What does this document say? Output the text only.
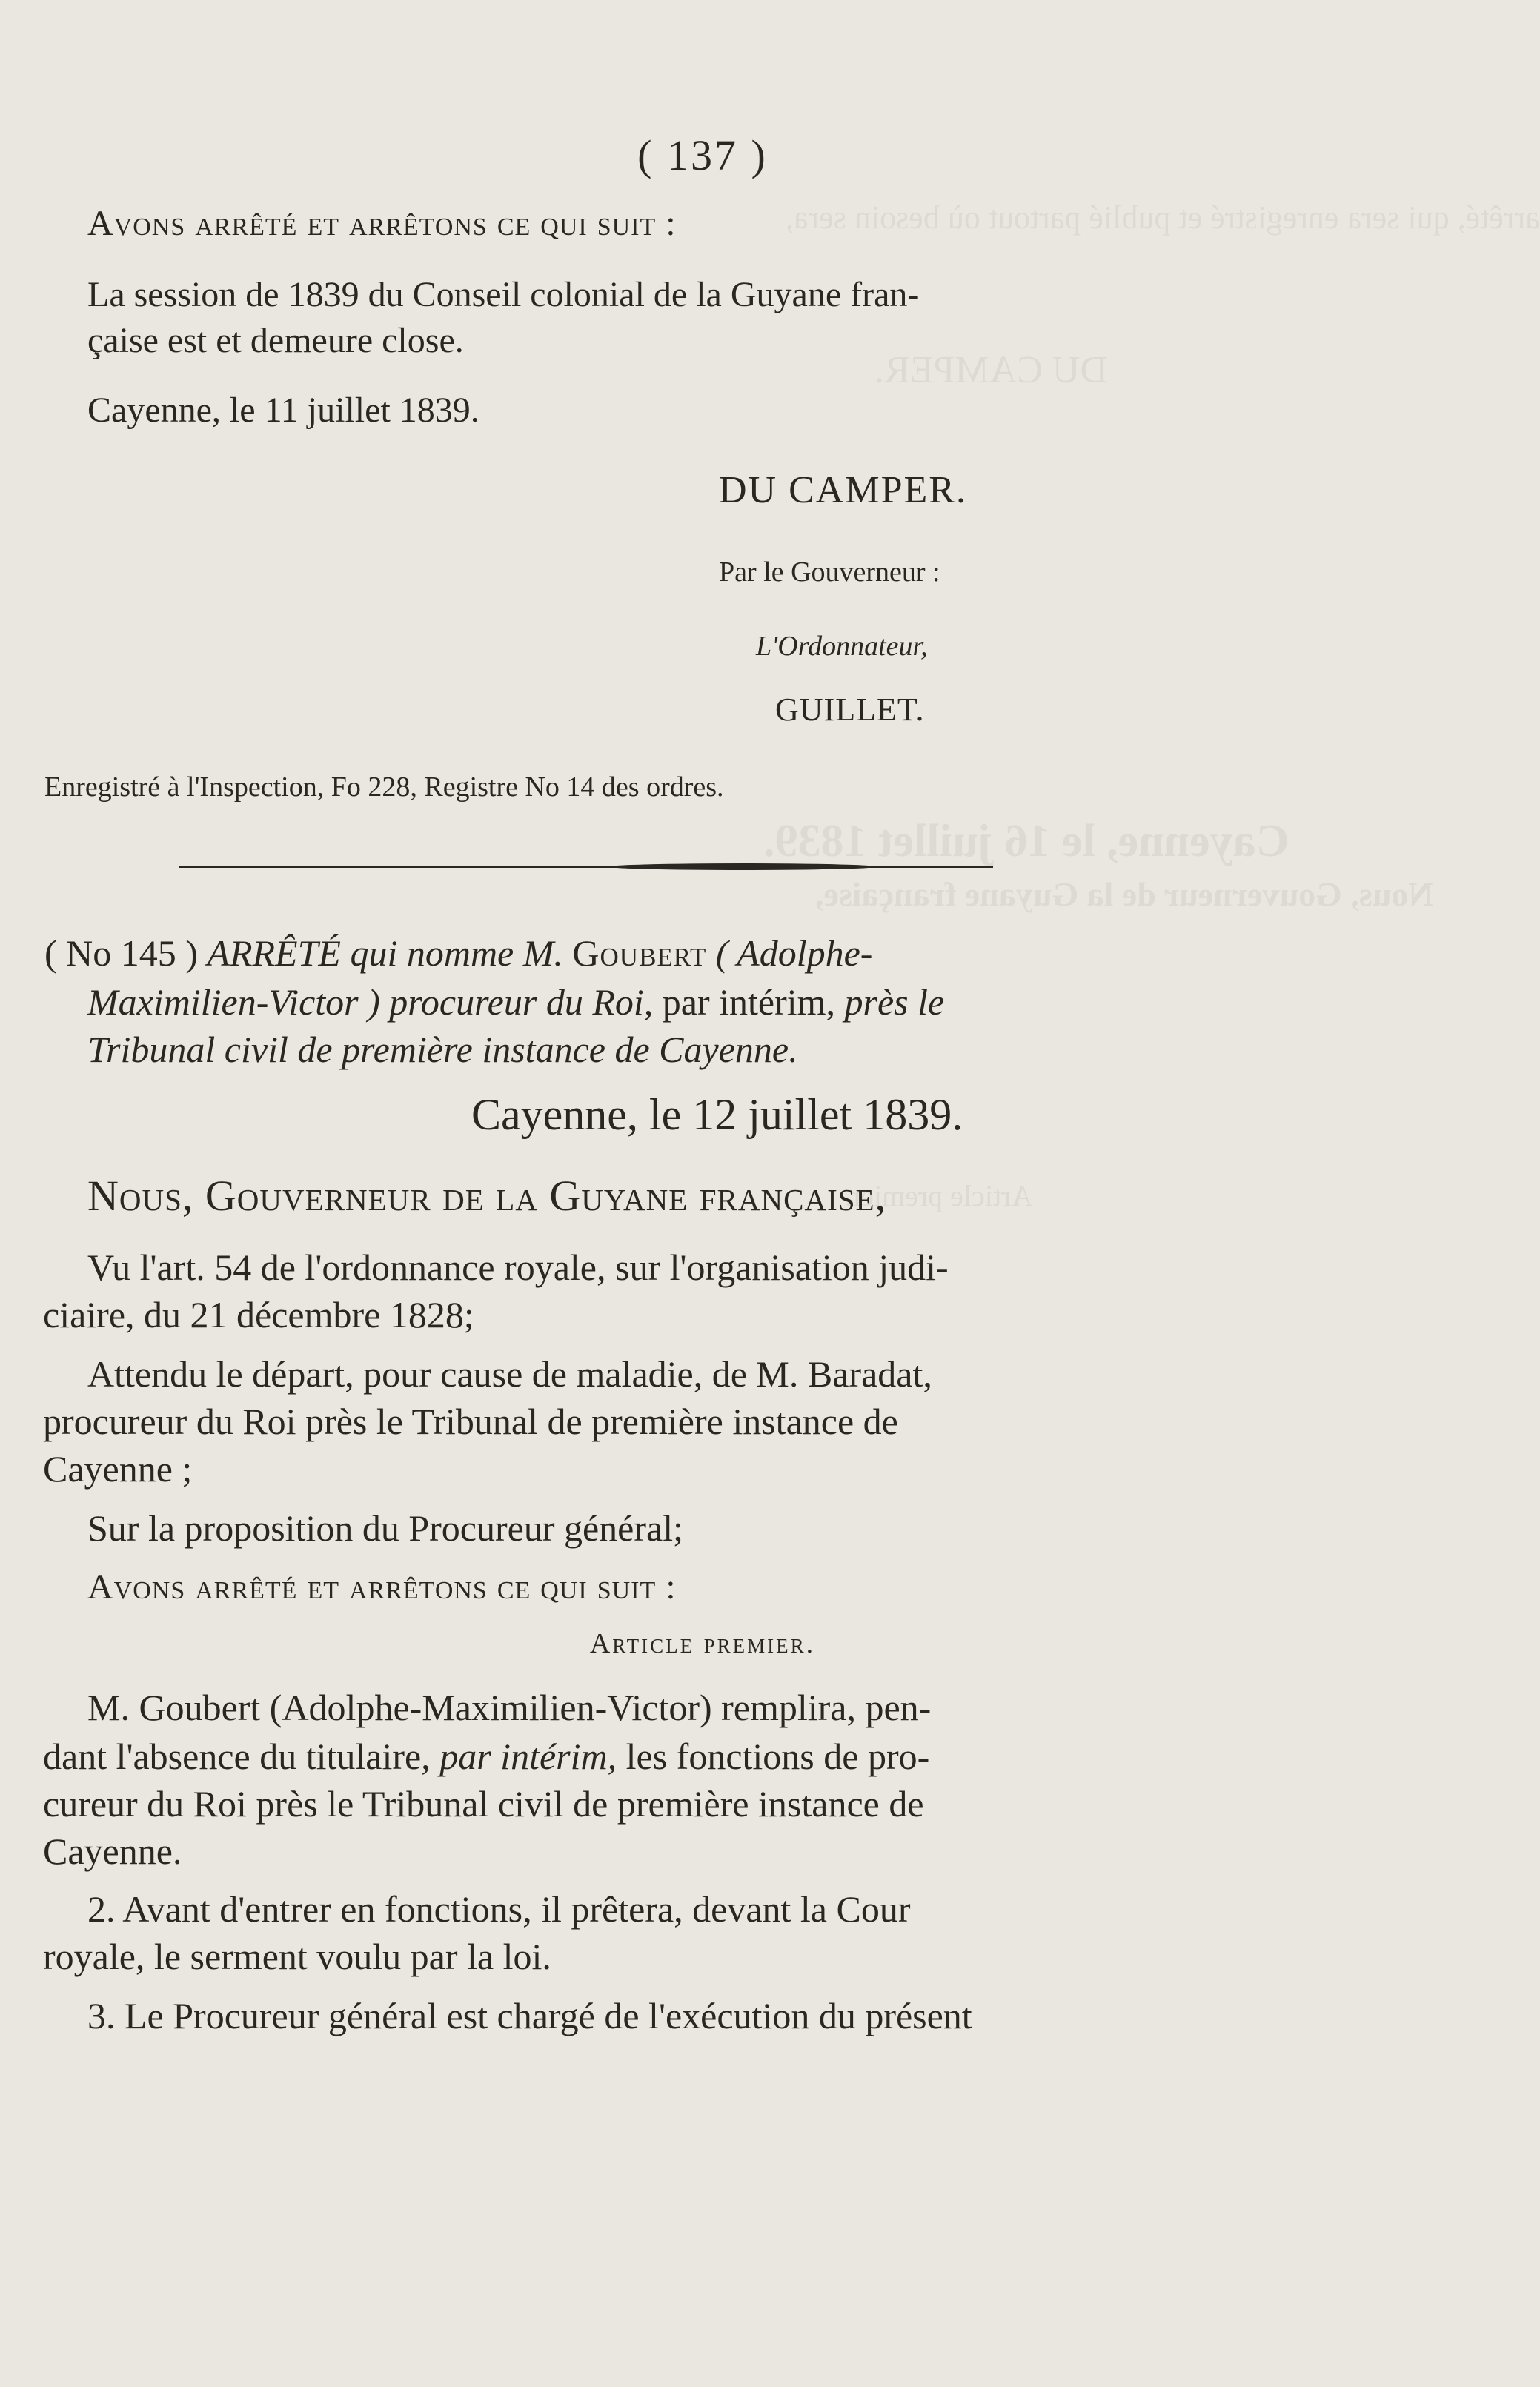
arrêté, qui sera enregistré et publié partout où besoin sera,
DU CAMPER.
Cayenne, le 16 juillet 1839.
Nous, Gouverneur de la Guyane française,
Article premier.
( 137 )
Avons arrêté et arrêtons ce qui suit :
La session de 1839 du Conseil colonial de la Guyane fran-
çaise est et demeure close.
Cayenne, le 11 juillet 1839.
DU CAMPER.
Par le Gouverneur :
L'Ordonnateur,
GUILLET.
Enregistré à l'Inspection, Fo 228, Registre No 14 des ordres.
( No 145 ) ARRÊTÉ qui nomme M. Goubert ( Adolphe-
Maximilien-Victor ) procureur du Roi, par intérim, près le
Tribunal civil de première instance de Cayenne.
Cayenne, le 12 juillet 1839.
Nous, Gouverneur de la Guyane française,
Vu l'art. 54 de l'ordonnance royale, sur l'organisation judi-
ciaire, du 21 décembre 1828;
Attendu le départ, pour cause de maladie, de M. Baradat,
procureur du Roi près le Tribunal de première instance de
Cayenne ;
Sur la proposition du Procureur général;
Avons arrêté et arrêtons ce qui suit :
Article premier.
M. Goubert (Adolphe-Maximilien-Victor) remplira, pen-
dant l'absence du titulaire, par intérim, les fonctions de pro-
cureur du Roi près le Tribunal civil de première instance de
Cayenne.
2. Avant d'entrer en fonctions, il prêtera, devant la Cour
royale, le serment voulu par la loi.
3. Le Procureur général est chargé de l'exécution du présent
